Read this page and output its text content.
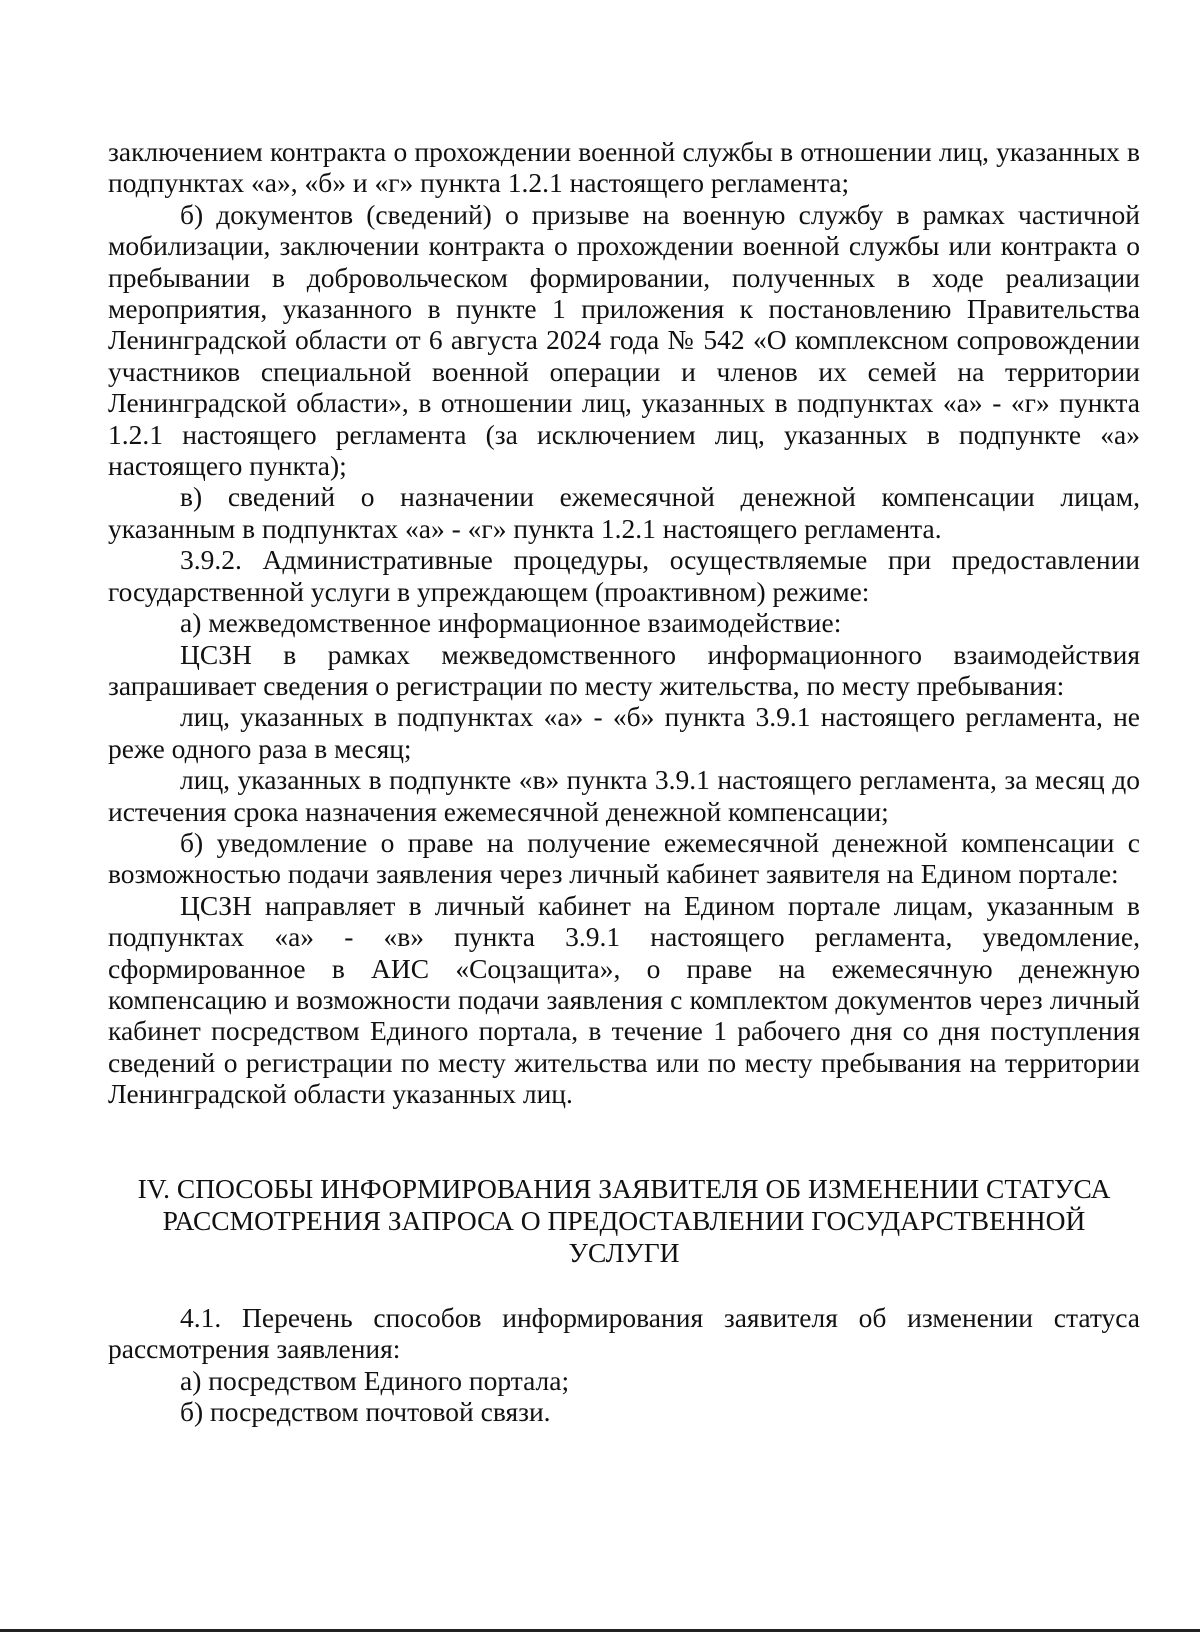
заключением контракта о прохождении военной службы в отношении лиц, указанных в подпунктах «а», «б» и «г» пункта 1.2.1 настоящего регламента;

б) документов (сведений) о призыве на военную службу в рамках частичной мобилизации, заключении контракта о прохождении военной службы или контракта о пребывании в добровольческом формировании, полученных в ходе реализации мероприятия, указанного в пункте 1 приложения к постановлению Правительства Ленинградской области от 6 августа 2024 года № 542 «О комплексном сопровождении участников специальной военной операции и членов их семей на территории Ленинградской области», в отношении лиц, указанных в подпунктах «а» - «г» пункта 1.2.1 настоящего регламента (за исключением лиц, указанных в подпункте «а» настоящего пункта);

в) сведений о назначении ежемесячной денежной компенсации лицам, указанным в подпунктах «а» - «г» пункта 1.2.1 настоящего регламента.

3.9.2. Административные процедуры, осуществляемые при предоставлении государственной услуги в упреждающем (проактивном) режиме:

а) межведомственное информационное взаимодействие:

ЦСЗН в рамках межведомственного информационного взаимодействия запрашивает сведения о регистрации по месту жительства, по месту пребывания:

лиц, указанных в подпунктах «а» - «б» пункта 3.9.1 настоящего регламента, не реже одного раза в месяц;

лиц, указанных в подпункте «в» пункта 3.9.1 настоящего регламента, за месяц до истечения срока назначения ежемесячной денежной компенсации;

б) уведомление о праве на получение ежемесячной денежной компенсации с возможностью подачи заявления через личный кабинет заявителя на Едином портале:

ЦСЗН направляет в личный кабинет на Едином портале лицам, указанным в подпунктах «а» - «в» пункта 3.9.1 настоящего регламента, уведомление, сформированное в АИС «Соцзащита», о праве на ежемесячную денежную компенсацию и возможности подачи заявления с комплектом документов через личный кабинет посредством Единого портала, в течение 1 рабочего дня со дня поступления сведений о регистрации по месту жительства или по месту пребывания на территории Ленинградской области указанных лиц.

IV. СПОСОБЫ ИНФОРМИРОВАНИЯ ЗАЯВИТЕЛЯ ОБ ИЗМЕНЕНИИ СТАТУСА
РАССМОТРЕНИЯ ЗАПРОСА О ПРЕДОСТАВЛЕНИИ ГОСУДАРСТВЕННОЙ
УСЛУГИ

4.1. Перечень способов информирования заявителя об изменении статуса рассмотрения заявления:

а) посредством Единого портала;

б) посредством почтовой связи.
